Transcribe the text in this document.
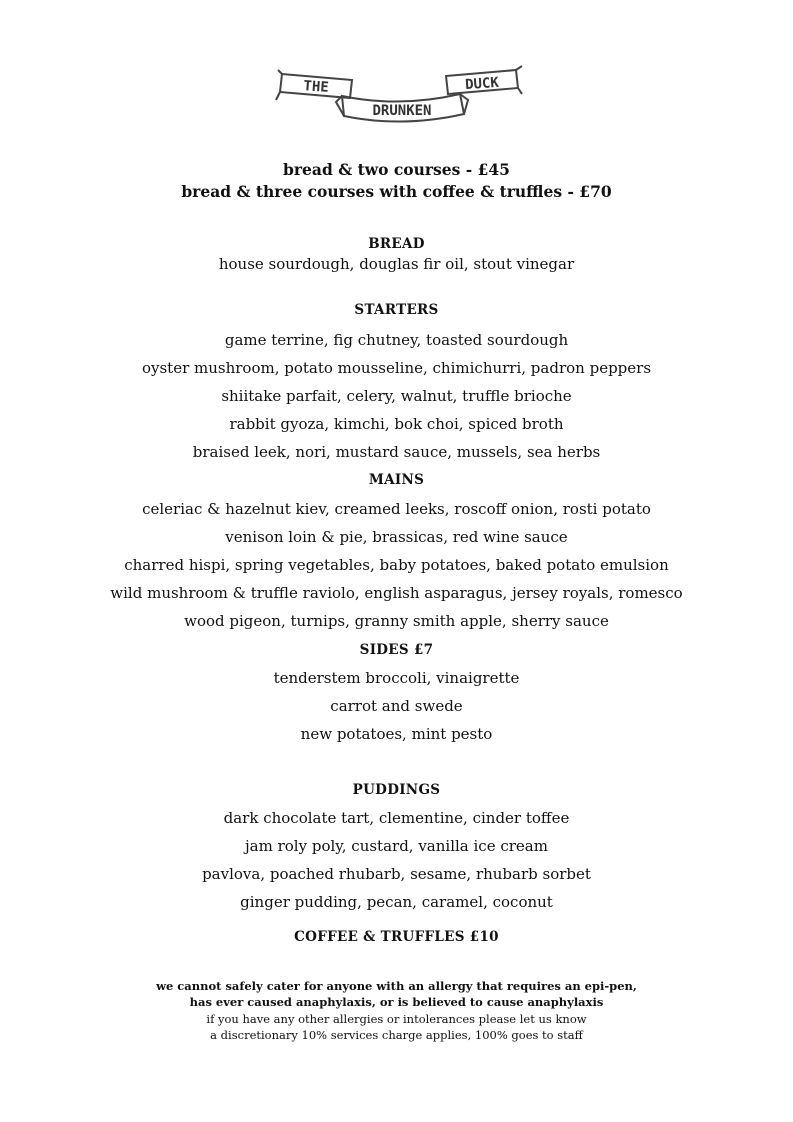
THE	DUCK
DRUNKEN
bread & two courses - £45
bread & three courses with coffee & truffles - £70
BREAD
house sourdough, douglas fir oil, stout vinegar
STARTERS
game terrine, fig chutney, toasted sourdough
oyster mushroom, potato mousseline, chimichurri, padron peppers
shiitake parfait, celery, walnut, truffle brioche
rabbit gyoza, kimchi, bok choi, spiced broth
braised leek, nori, mustard sauce, mussels, sea herbs
MAINS
celeriac & hazelnut kiev, creamed leeks, roscoff onion, rosti potato
venison loin & pie, brassicas, red wine sauce
charred hispi, spring vegetables, baby potatoes, baked potato emulsion
wild mushroom & truffle raviolo, english asparagus, jersey royals, romesco
wood pigeon, turnips, granny smith apple, sherry sauce
SIDES £7
tenderstem broccoli, vinaigrette
carrot and swede
new potatoes, mint pesto
PUDDINGS
dark chocolate tart, clementine, cinder toffee
jam roly poly, custard, vanilla ice cream
pavlova, poached rhubarb, sesame, rhubarb sorbet
ginger pudding, pecan, caramel, coconut
COFFEE & TRUFFLES £10
we cannot safely cater for anyone with an allergy that requires an epi-pen,
has ever caused anaphylaxis, or is believed to cause anaphylaxis
if you have any other allergies or intolerances please let us know
a discretionary 10% services charge applies, 100% goes to staff
